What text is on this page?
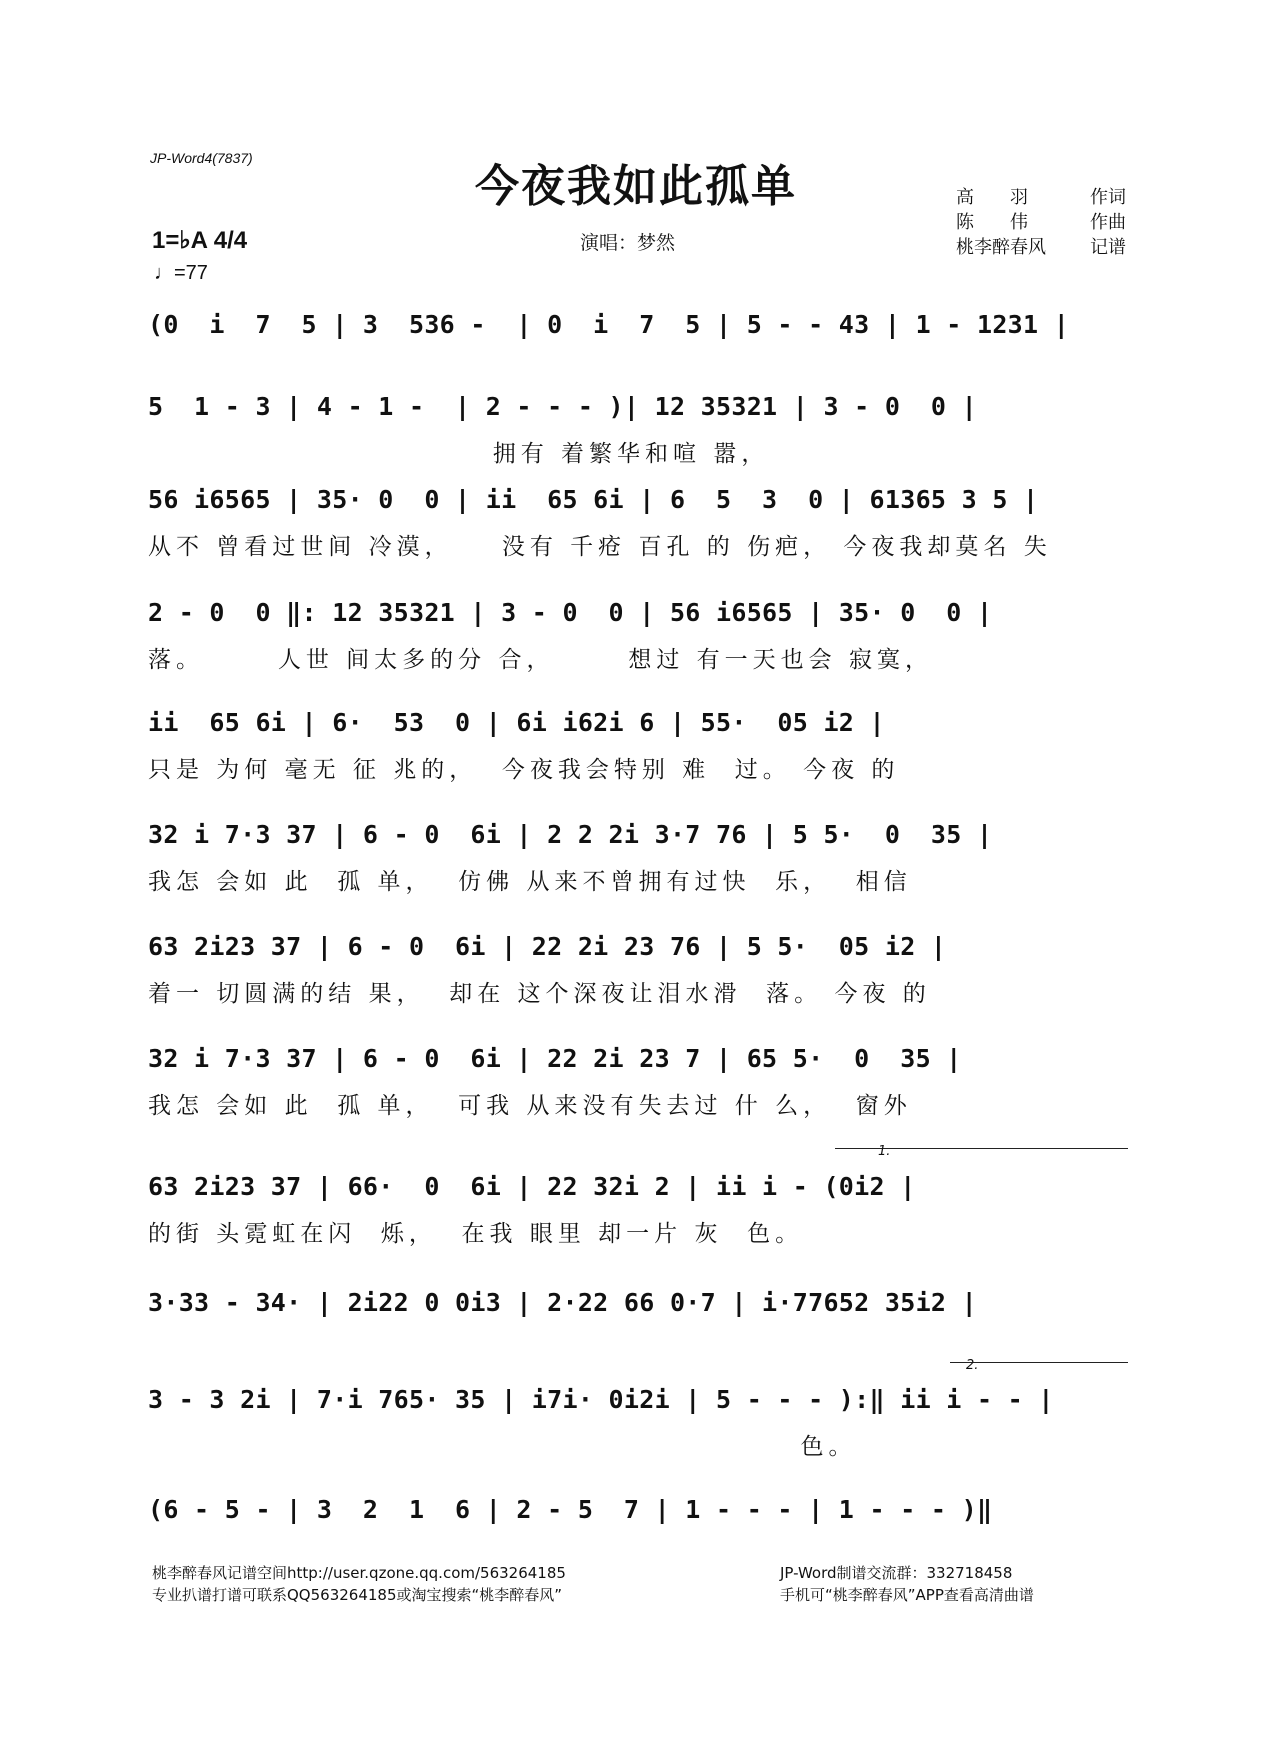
JP-Word4(7837)
今夜我如此孤单
演唱：梦然
高　　羽	作词
陈　　伟	作曲
桃李醉春风 记谱
1=♭A 4/4
♩=77
(0  i  7  5 | 3  536 -  | 0  i  7  5 | 5 - - 43 | 1 - 1231 |
5  1 - 3 | 4 - 1 -  | 2 - - - )| 12 35321 | 3 - 0  0 |
拥有 着繁华和喧 嚣，
56 i6565 | 35· 0  0 | ii  65 6i | 6  5  3  0 | 61365 3 5 |
从不 曾看过世间 冷漠，    没有 千疮 百孔 的 伤疤， 今夜我却莫名 失
2 - 0  0 ‖: 12 35321 | 3 - 0  0 | 56 i6565 | 35· 0  0 |
落。      人世 间太多的分 合，      想过 有一天也会 寂寞，
ii  65 6i | 6·  53  0 | 6i i62i 6 | 55·  05 i2 |
只是 为何 毫无 征 兆的，  今夜我会特别 难  过。 今夜 的
32 i 7·3 37 | 6 - 0  6i | 2 2 2i 3·7 76 | 5 5·  0  35 |
我怎 会如 此  孤 单，  仿佛 从来不曾拥有过快  乐，  相信
63 2i23 37 | 6 - 0  6i | 22 2i 23 76 | 5 5·  05 i2 |
着一 切圆满的结 果，  却在 这个深夜让泪水滑  落。 今夜 的
32 i 7·3 37 | 6 - 0  6i | 22 2i 23 7 | 65 5·  0  35 |
我怎 会如 此  孤 单，  可我 从来没有失去过 什 么，  窗外
1.
63 2i23 37 | 66·  0  6i | 22 32i 2 | ii i - (0i2 |
的街 头霓虹在闪  烁，  在我 眼里 却一片 灰  色。
3·33 - 34· | 2i22 0 0i3 | 2·22 66 0·7 | i·77652 35i2 |
2.
3 - 3 2i | 7·i 765· 35 | i7i· 0i2i | 5 - - - ):‖ ii i - - |
色。
(6 - 5 - | 3  2  1  6 | 2 - 5  7 | 1 - - - | 1 - - - )‖
桃李醉春风记谱空间http://user.qzone.qq.com/563264185
专业扒谱打谱可联系QQ563264185或淘宝搜索“桃李醉春风”
JP-Word制谱交流群：332718458
手机可“桃李醉春风”APP查看高清曲谱
